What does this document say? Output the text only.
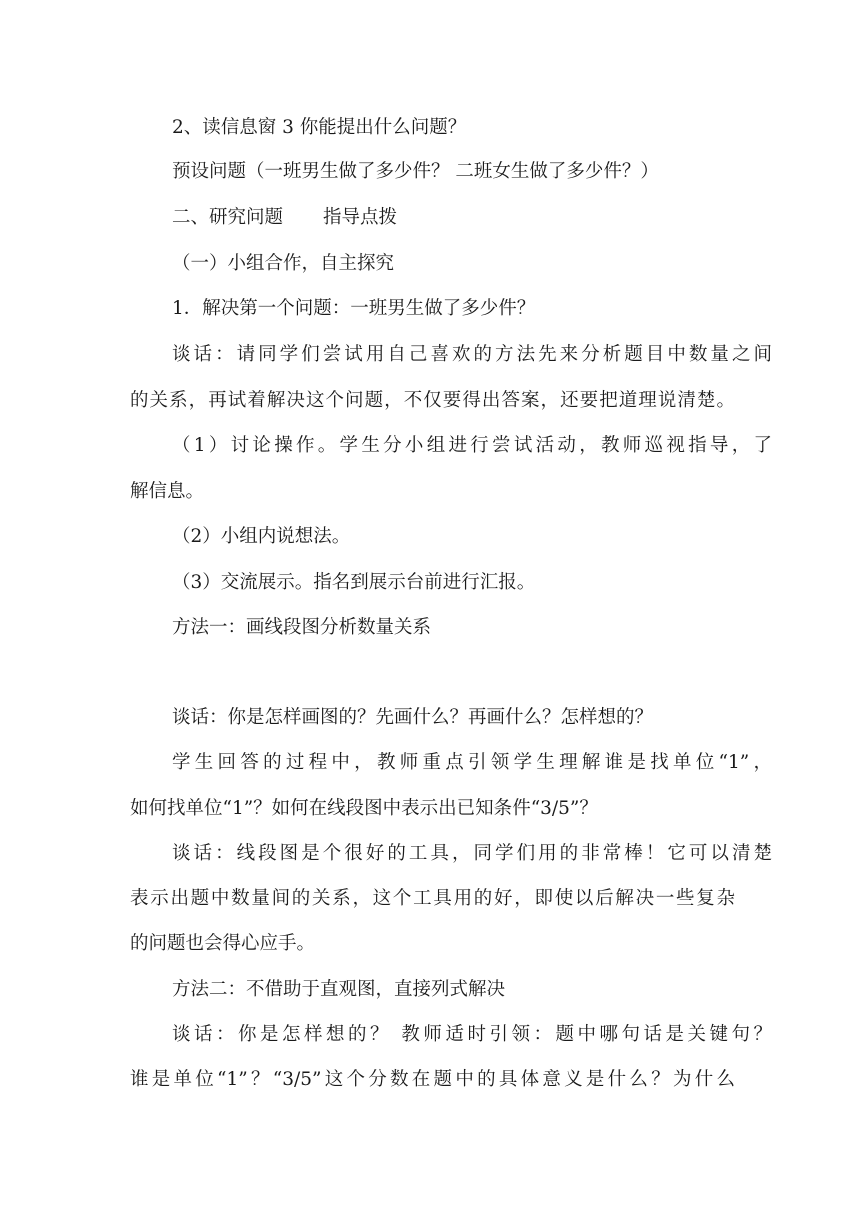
2、读信息窗 3 你能提出什么问题？
预设问题（一班男生做了多少件？ 二班女生做了多少件？）
二、研究问题 指导点拨
（一）小组合作，自主探究
1．解决第一个问题：一班男生做了多少件？
谈话：请同学们尝试用自己喜欢的方法先来分析题目中数量之间
的关系，再试着解决这个问题，不仅要得出答案，还要把道理说清楚。
（1）讨论操作。学生分小组进行尝试活动，教师巡视指导，了
解信息。
（2）小组内说想法。
（3）交流展示。指名到展示台前进行汇报。
方法一：画线段图分析数量关系
谈话：你是怎样画图的？先画什么？再画什么？怎样想的？
学生回答的过程中，教师重点引领学生理解谁是找单位“1”，
如何找单位“1”？如何在线段图中表示出已知条件“3/5”？
谈话：线段图是个很好的工具，同学们用的非常棒！它可以清楚
表示出题中数量间的关系，这个工具用的好，即使以后解决一些复杂
的问题也会得心应手。
方法二：不借助于直观图，直接列式解决
谈话：你是怎样想的？ 教师适时引领：题中哪句话是关键句？
谁是单位“1”？“3/5”这个分数在题中的具体意义是什么？为什么
